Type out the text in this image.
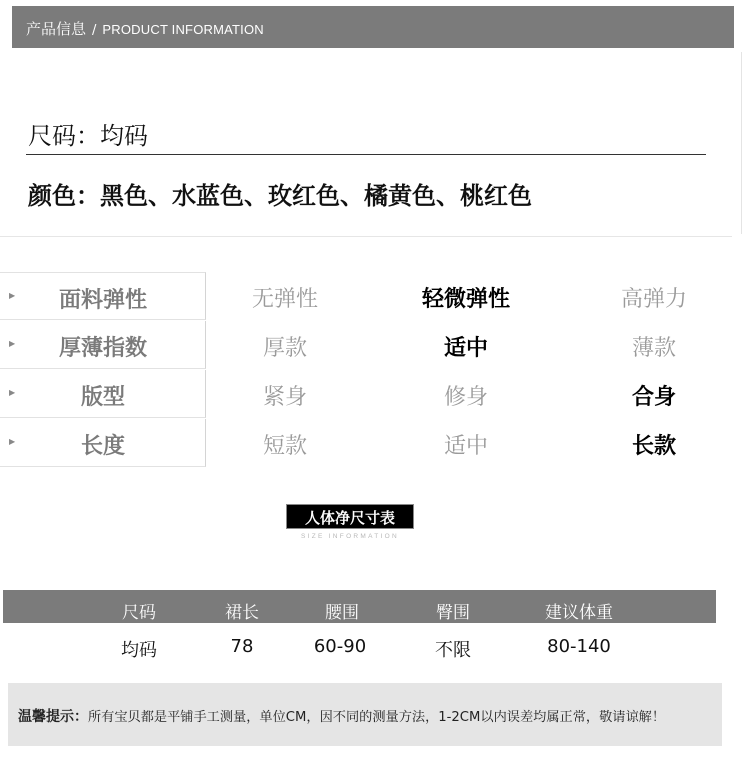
产品信息 / PRODUCT INFORMATION
尺码：均码
颜色：黑色、水蓝色、玫红色、橘黄色、桃红色
▶	面料弹性	无弹性	轻微弹性	高弹力
▶	厚薄指数	厚款	适中	薄款
▶	版型	紧身	修身	合身
▶	长度	短款	适中	长款
人体净尺寸表
SIZE INFORMATION
尺码	裙长	腰围	臀围	建议体重
均码	78	60-90	不限	80-140
温馨提示：所有宝贝都是平铺手工测量，单位CM，因不同的测量方法，1-2CM以内误差均属正常，敬请谅解！
